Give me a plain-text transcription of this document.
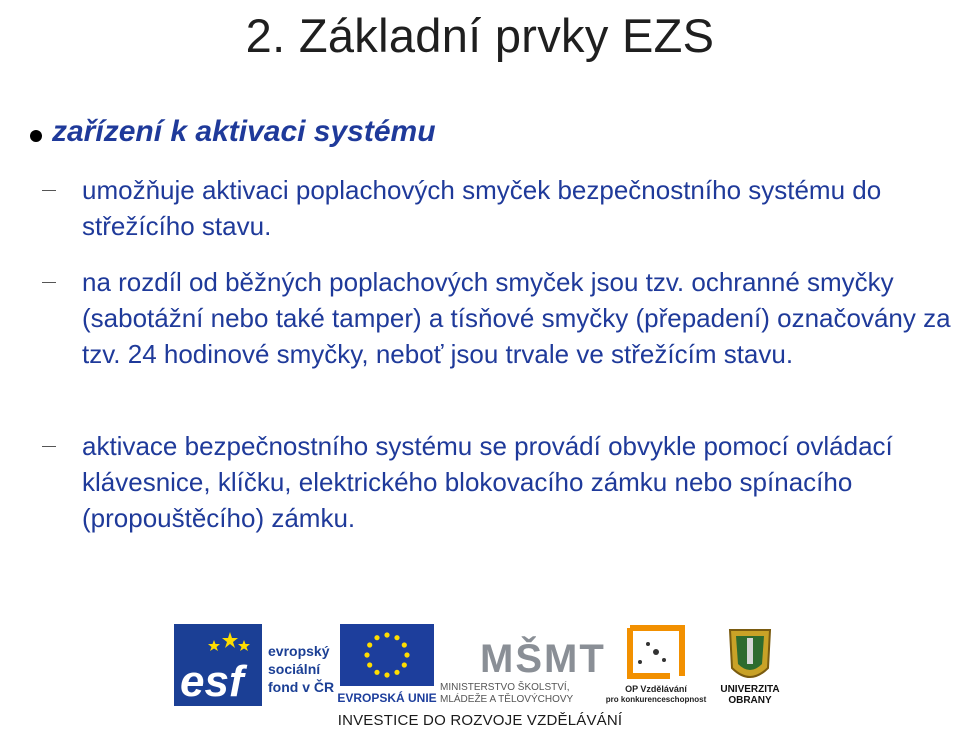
2. Základní prvky EZS
zařízení k aktivaci systému
umožňuje aktivaci poplachových smyček bezpečnostního systému do střežícího stavu.
na rozdíl od běžných poplachových smyček jsou tzv. ochranné smyčky (sabotážní nebo také tamper) a tísňové smyčky (přepadení) označovány za tzv. 24 hodinové smyčky, neboť jsou trvale ve střežícím stavu.
aktivace bezpečnostního systému se provádí obvykle pomocí ovládací klávesnice, klíčku, elektrického blokovacího zámku nebo spínacího (propouštěcího) zámku.
esf
evropský
sociální
fond v ČR
EVROPSKÁ UNIE
MŠMT
MINISTERSTVO ŠKOLSTVÍ,
MLÁDEŽE A TĚLOVÝCHOVY
OP Vzdělávání
pro konkurenceschopnost
UNIVERZITA
OBRANY
INVESTICE DO ROZVOJE VZDĚLÁVÁNÍ
